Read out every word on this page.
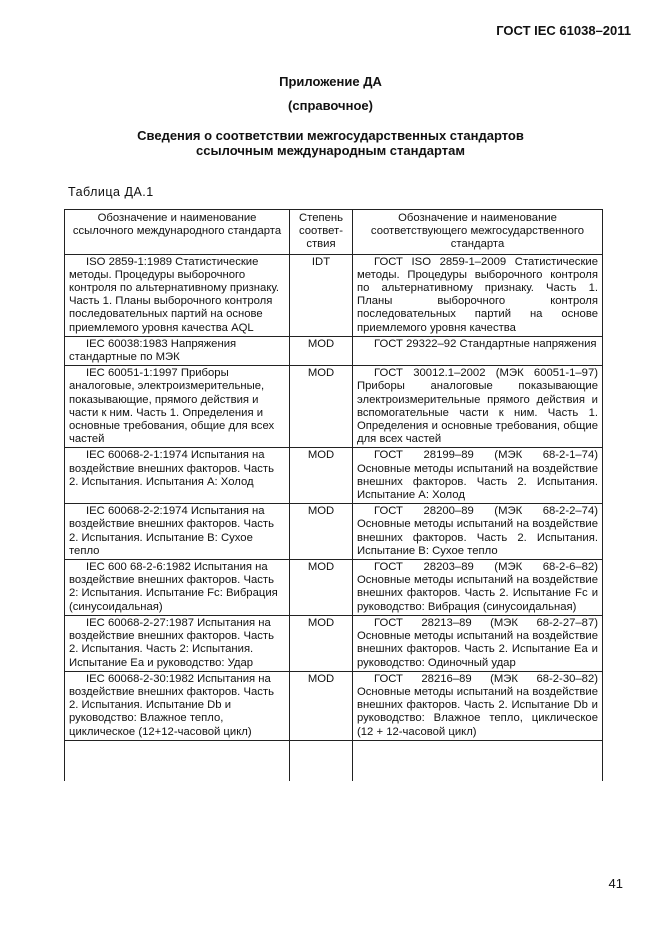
ГОСТ IEC 61038–2011
Приложение ДА
(справочное)
Сведения о соответствии межгосударственных стандартов
ссылочным международным стандартам
Таблица ДА.1
Обозначение и наименование ссылочного международного стандарта	Степень соответ-ствия	Обозначение и наименование соответствующего межгосударственного стандарта
ISO 2859-1:1989 Статистические методы. Процедуры выборочного контроля по альтернативному признаку. Часть 1. Планы выборочного контроля последовательных партий на основе приемлемого уровня качества AQL	IDT	ГОСТ ISO 2859-1–2009 Статистические методы. Процедуры выборочного контроля по альтернативному признаку. Часть 1. Планы выборочного контроля последовательных партий на основе приемлемого уровня качества
IEC 60038:1983 Напряжения стандартные по МЭК	MOD	ГОСТ 29322–92 Стандартные напряжения
IEC 60051-1:1997 Приборы аналоговые, электроизмерительные, показывающие, прямого действия и части к ним. Часть 1. Определения и основные требования, общие для всех частей	MOD	ГОСТ 30012.1–2002 (МЭК 60051-1–97) Приборы аналоговые показывающие электроизмерительные прямого действия и вспомогательные части к ним. Часть 1. Определения и основные требования, общие для всех частей
IEC 60068-2-1:1974 Испытания на воздействие внешних факторов. Часть 2. Испытания. Испытания А: Холод	MOD	ГОСТ 28199–89 (МЭК 68-2-1–74) Основные методы испытаний на воздействие внешних факторов. Часть 2. Испытания. Испытание А: Холод
IEC 60068-2-2:1974 Испытания на воздействие внешних факторов. Часть 2. Испытания. Испытание В: Сухое тепло	MOD	ГОСТ 28200–89 (МЭК 68-2-2–74) Основные методы испытаний на воздействие внешних факторов. Часть 2. Испытания. Испытание В: Сухое тепло
IEC 600 68-2-6:1982 Испытания на воздействие внешних факторов. Часть 2: Испытания. Испытание Fc: Вибрация (синусоидальная)	MOD	ГОСТ 28203–89 (МЭК 68-2-6–82) Основные методы испытаний на воздействие внешних факторов. Часть 2. Испытание Fc и руководство: Вибрация (синусоидальная)
IEC 60068-2-27:1987 Испытания на воздействие внешних факторов. Часть 2. Испытания. Часть 2: Испытания. Испытание Ea и руководство: Удар	MOD	ГОСТ 28213–89 (МЭК 68-2-27–87) Основные методы испытаний на воздействие внешних факторов. Часть 2. Испытание Ea и руководство: Одиночный удар
IEC 60068-2-30:1982 Испытания на воздействие внешних факторов. Часть 2. Испытания. Испытание Db и руководство: Влажное тепло, циклическое (12+12-часовой цикл)	MOD	ГОСТ 28216–89 (МЭК 68-2-30–82) Основные методы испытаний на воздействие внешних факторов. Часть 2. Испытание Db и руководство: Влажное тепло, циклическое (12 + 12-часовой цикл)

41
